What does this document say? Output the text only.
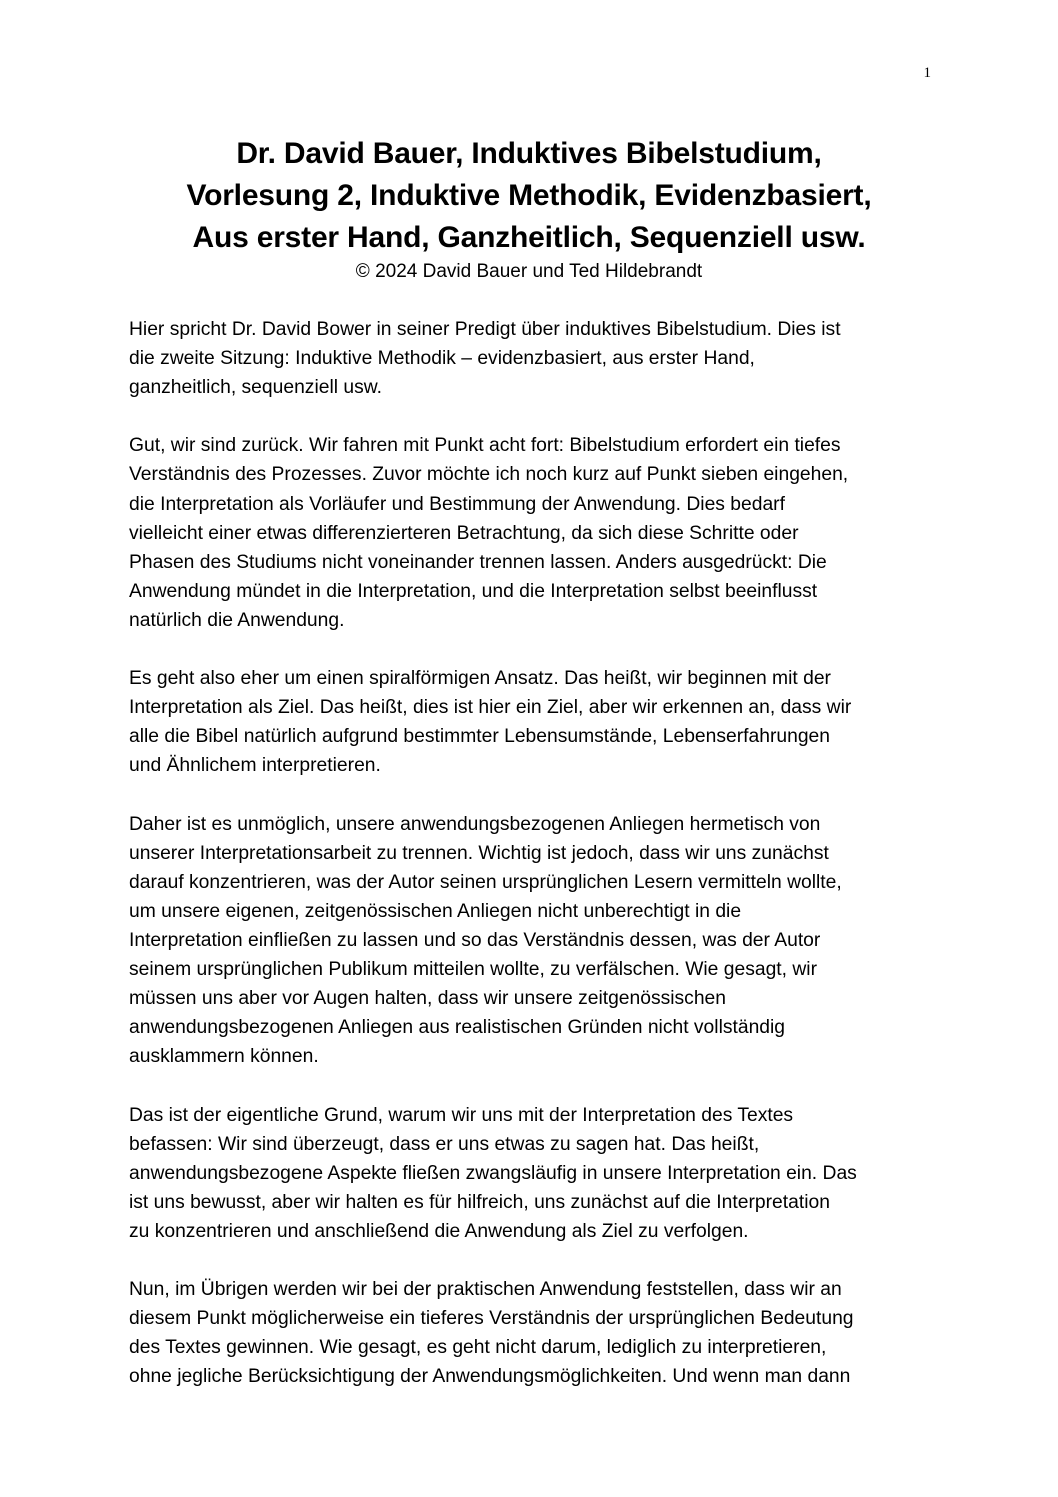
1
Dr. David Bauer, Induktives Bibelstudium,
Vorlesung 2, Induktive Methodik, Evidenzbasiert,
Aus erster Hand, Ganzheitlich, Sequenziell usw.
© 2024 David Bauer und Ted Hildebrandt
Hier spricht Dr. David Bower in seiner Predigt über induktives Bibelstudium. Dies ist
die zweite Sitzung: Induktive Methodik – evidenzbasiert, aus erster Hand,
ganzheitlich, sequenziell usw.
Gut, wir sind zurück. Wir fahren mit Punkt acht fort: Bibelstudium erfordert ein tiefes
Verständnis des Prozesses. Zuvor möchte ich noch kurz auf Punkt sieben eingehen,
die Interpretation als Vorläufer und Bestimmung der Anwendung. Dies bedarf
vielleicht einer etwas differenzierteren Betrachtung, da sich diese Schritte oder
Phasen des Studiums nicht voneinander trennen lassen. Anders ausgedrückt: Die
Anwendung mündet in die Interpretation, und die Interpretation selbst beeinflusst
natürlich die Anwendung.
Es geht also eher um einen spiralförmigen Ansatz. Das heißt, wir beginnen mit der
Interpretation als Ziel. Das heißt, dies ist hier ein Ziel, aber wir erkennen an, dass wir
alle die Bibel natürlich aufgrund bestimmter Lebensumstände, Lebenserfahrungen
und Ähnlichem interpretieren.
Daher ist es unmöglich, unsere anwendungsbezogenen Anliegen hermetisch von
unserer Interpretationsarbeit zu trennen. Wichtig ist jedoch, dass wir uns zunächst
darauf konzentrieren, was der Autor seinen ursprünglichen Lesern vermitteln wollte,
um unsere eigenen, zeitgenössischen Anliegen nicht unberechtigt in die
Interpretation einfließen zu lassen und so das Verständnis dessen, was der Autor
seinem ursprünglichen Publikum mitteilen wollte, zu verfälschen. Wie gesagt, wir
müssen uns aber vor Augen halten, dass wir unsere zeitgenössischen
anwendungsbezogenen Anliegen aus realistischen Gründen nicht vollständig
ausklammern können.
Das ist der eigentliche Grund, warum wir uns mit der Interpretation des Textes
befassen: Wir sind überzeugt, dass er uns etwas zu sagen hat. Das heißt,
anwendungsbezogene Aspekte fließen zwangsläufig in unsere Interpretation ein. Das
ist uns bewusst, aber wir halten es für hilfreich, uns zunächst auf die Interpretation
zu konzentrieren und anschließend die Anwendung als Ziel zu verfolgen.
Nun, im Übrigen werden wir bei der praktischen Anwendung feststellen, dass wir an
diesem Punkt möglicherweise ein tieferes Verständnis der ursprünglichen Bedeutung
des Textes gewinnen. Wie gesagt, es geht nicht darum, lediglich zu interpretieren,
ohne jegliche Berücksichtigung der Anwendungsmöglichkeiten. Und wenn man dann
